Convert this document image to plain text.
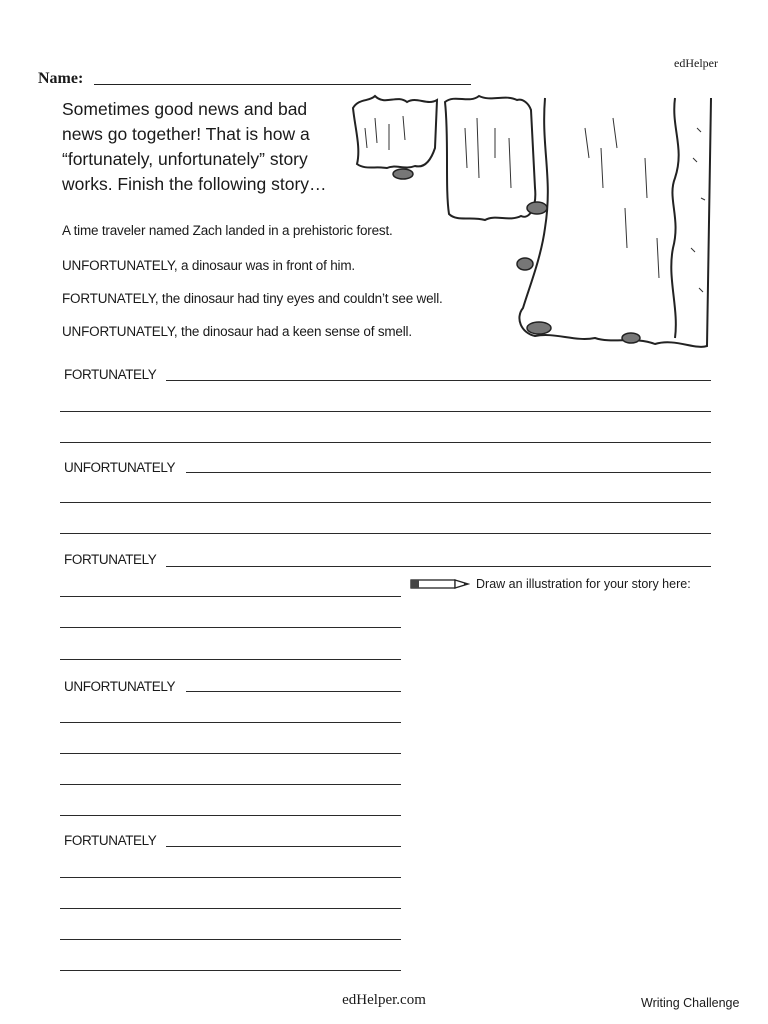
edHelper
Name:
Sometimes good news and bad
news go together! That is how a
“fortunately, unfortunately” story
works. Finish the following story…
A time traveler named Zach landed in a prehistoric forest.
UNFORTUNATELY, a dinosaur was in front of him.
FORTUNATELY, the dinosaur had tiny eyes and couldn’t see well.
UNFORTUNATELY, the dinosaur had a keen sense of smell.
FORTUNATELY
UNFORTUNATELY
FORTUNATELY
Draw an illustration for your story here:
UNFORTUNATELY
FORTUNATELY
edHelper.com	Writing Challenge
